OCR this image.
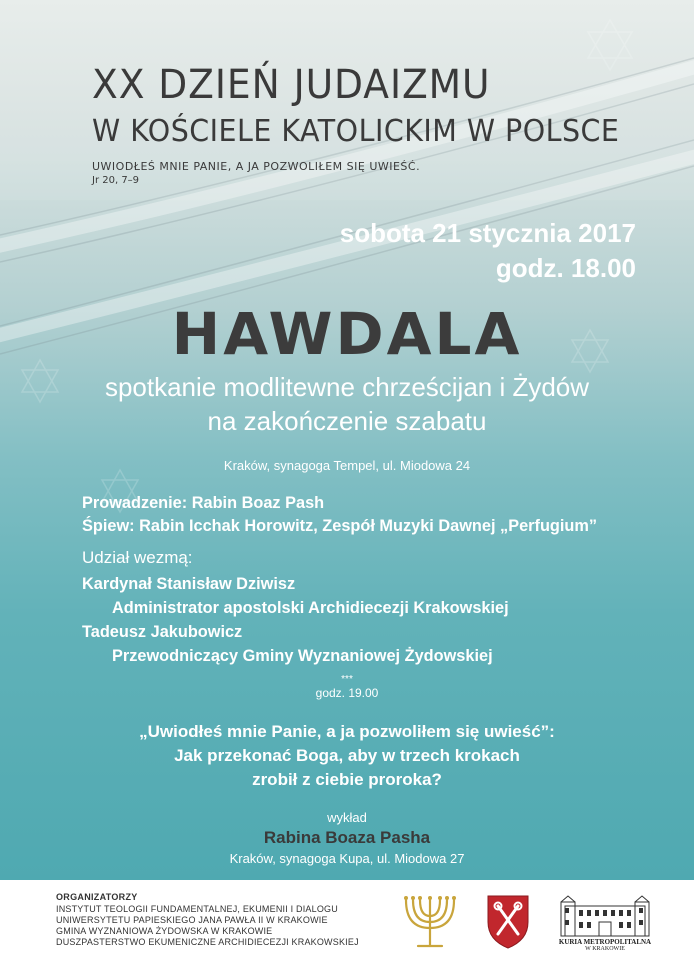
XX DZIEŃ JUDAIZMU
W KOŚCIELE KATOLICKIM W POLSCE
UWIODŁEŚ MNIE PANIE, A JA POZWOLIŁEM SIĘ UWIEŚĆ.
Jr 20, 7–9
sobota 21 stycznia 2017
godz. 18.00
HAWDALA
spotkanie modlitewne chrześcijan i Żydów
na zakończenie szabatu
Kraków, synagoga Tempel, ul. Miodowa 24
Prowadzenie: Rabin Boaz Pash
Śpiew: Rabin Icchak Horowitz, Zespół Muzyki Dawnej „Perfugium”
Udział wezmą:
Kardynał Stanisław Dziwisz
Administrator apostolski Archidiecezji Krakowskiej
Tadeusz Jakubowicz
Przewodniczący Gminy Wyznaniowej Żydowskiej
***
godz. 19.00
„Uwiodłeś mnie Panie, a ja pozwoliłem się uwieść”:
Jak przekonać Boga, aby w trzech krokach
zrobił z ciebie proroka?
wykład
Rabina Boaza Pasha
Kraków, synagoga Kupa, ul. Miodowa 27
ORGANIZATORZY
INSTYTUT TEOLOGII FUNDAMENTALNEJ, EKUMENII I DIALOGU
UNIWERSYTETU PAPIESKIEGO JANA PAWŁA II W KRAKOWIE
GMINA WYZNANIOWA ŻYDOWSKA W KRAKOWIE
DUSZPASTERSTWO EKUMENICZNE ARCHIDIECEZJI KRAKOWSKIEJ	KURIA METROPOLITALNA
W KRAKOWIE
